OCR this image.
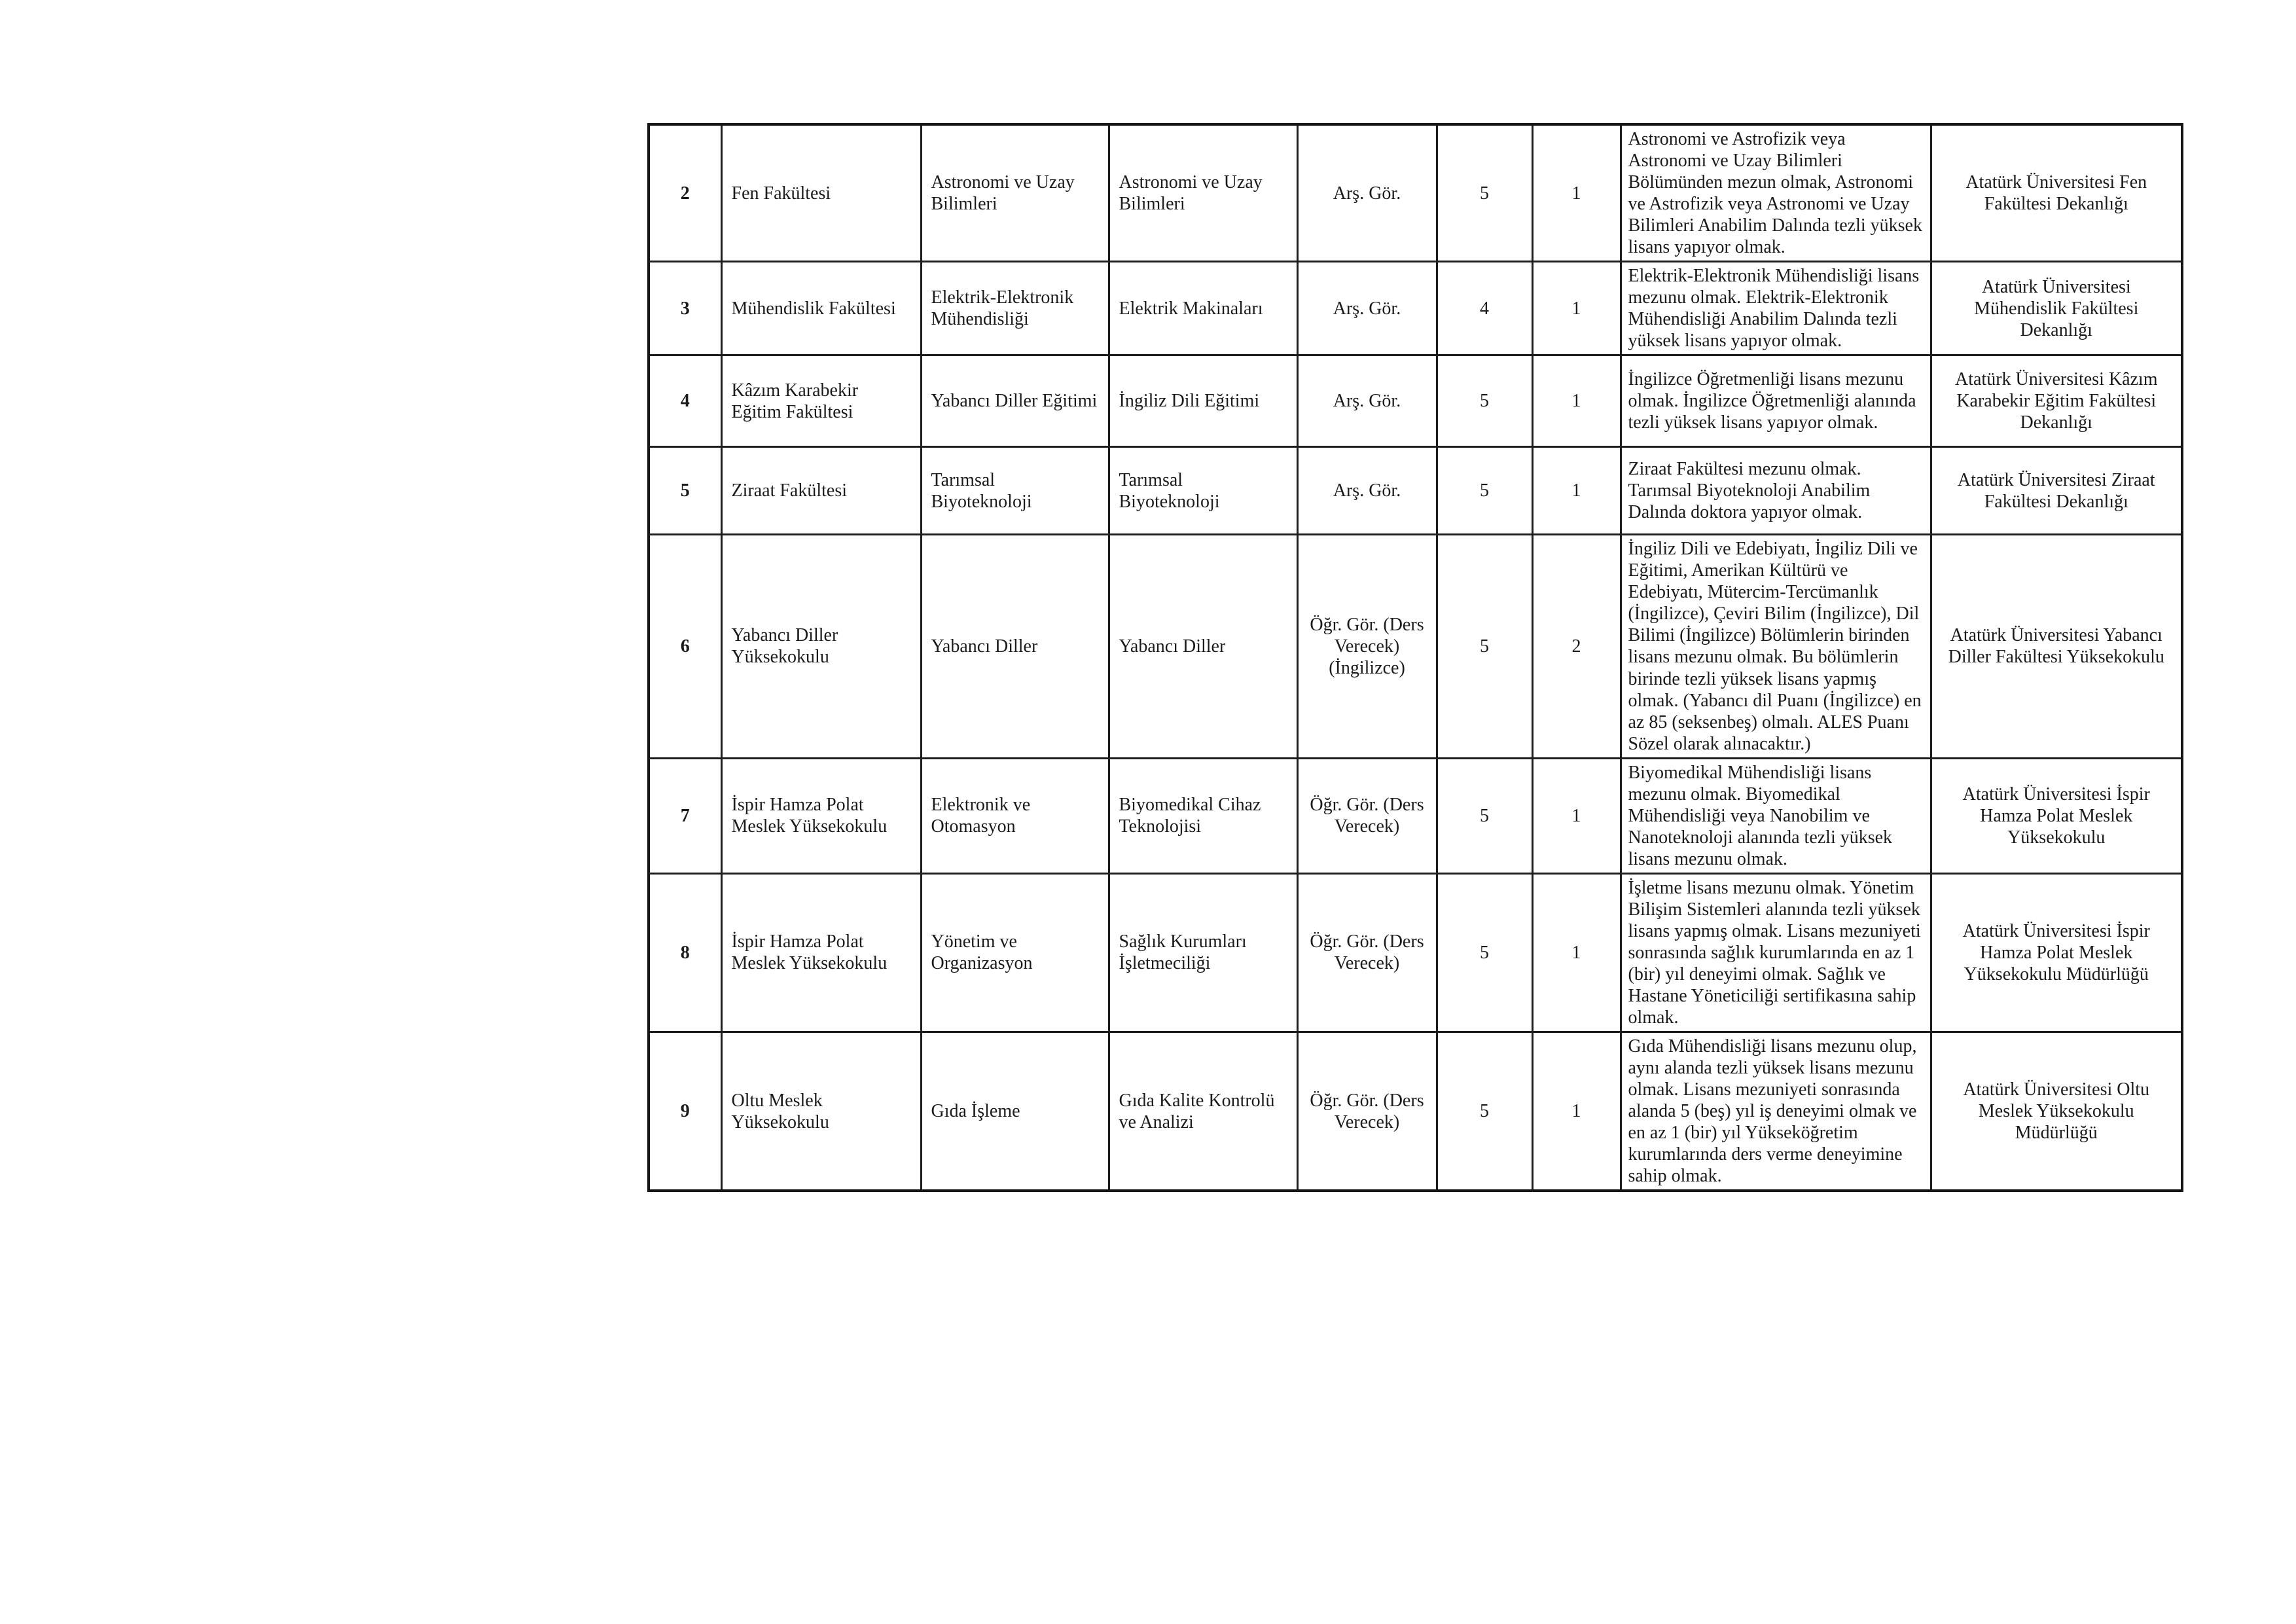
2	Fen Fakültesi	Astronomi ve Uzay Bilimleri	Astronomi ve Uzay Bilimleri	Arş. Gör.	5	1	Astronomi ve Astrofizik veya Astronomi ve Uzay Bilimleri Bölümünden mezun olmak, Astronomi ve Astrofizik veya Astronomi ve Uzay Bilimleri Anabilim Dalında tezli yüksek lisans yapıyor olmak.	Atatürk Üniversitesi Fen Fakültesi Dekanlığı
3	Mühendislik Fakültesi	Elektrik-Elektronik Mühendisliği	Elektrik Makinaları	Arş. Gör.	4	1	Elektrik-Elektronik Mühendisliği lisans mezunu olmak. Elektrik-Elektronik Mühendisliği Anabilim Dalında tezli yüksek lisans yapıyor olmak.	Atatürk Üniversitesi Mühendislik Fakültesi Dekanlığı
4	Kâzım Karabekir Eğitim Fakültesi	Yabancı Diller Eğitimi	İngiliz Dili Eğitimi	Arş. Gör.	5	1	İngilizce Öğretmenliği lisans mezunu olmak. İngilizce Öğretmenliği alanında tezli yüksek lisans yapıyor olmak.	Atatürk Üniversitesi Kâzım Karabekir Eğitim Fakültesi Dekanlığı
5	Ziraat Fakültesi	Tarımsal Biyoteknoloji	Tarımsal Biyoteknoloji	Arş. Gör.	5	1	Ziraat Fakültesi mezunu olmak. Tarımsal Biyoteknoloji Anabilim Dalında doktora yapıyor olmak.	Atatürk Üniversitesi Ziraat Fakültesi Dekanlığı
6	Yabancı Diller Yüksekokulu	Yabancı Diller	Yabancı Diller	Öğr. Gör. (Ders Verecek) (İngilizce)	5	2	İngiliz Dili ve Edebiyatı, İngiliz Dili ve Eğitimi, Amerikan Kültürü ve Edebiyatı, Mütercim-Tercümanlık (İngilizce), Çeviri Bilim (İngilizce), Dil Bilimi (İngilizce) Bölümlerin birinden lisans mezunu olmak. Bu bölümlerin birinde tezli yüksek lisans yapmış olmak. (Yabancı dil Puanı (İngilizce) en az 85 (seksenbeş) olmalı. ALES Puanı Sözel olarak alınacaktır.)	Atatürk Üniversitesi Yabancı Diller Fakültesi Yüksekokulu
7	İspir Hamza Polat Meslek Yüksekokulu	Elektronik ve Otomasyon	Biyomedikal Cihaz Teknolojisi	Öğr. Gör. (Ders Verecek)	5	1	Biyomedikal Mühendisliği lisans mezunu olmak. Biyomedikal Mühendisliği veya Nanobilim ve Nanoteknoloji alanında tezli yüksek lisans mezunu olmak.	Atatürk Üniversitesi İspir Hamza Polat Meslek Yüksekokulu
8	İspir Hamza Polat Meslek Yüksekokulu	Yönetim ve Organizasyon	Sağlık Kurumları İşletmeciliği	Öğr. Gör. (Ders Verecek)	5	1	İşletme lisans mezunu olmak. Yönetim Bilişim Sistemleri alanında tezli yüksek lisans yapmış olmak. Lisans mezuniyeti sonrasında sağlık kurumlarında en az 1 (bir) yıl deneyimi olmak. Sağlık ve Hastane Yöneticiliği sertifikasına sahip olmak.	Atatürk Üniversitesi İspir Hamza Polat Meslek Yüksekokulu Müdürlüğü
9	Oltu Meslek Yüksekokulu	Gıda İşleme	Gıda Kalite Kontrolü ve Analizi	Öğr. Gör. (Ders Verecek)	5	1	Gıda Mühendisliği lisans mezunu olup, aynı alanda tezli yüksek lisans mezunu olmak. Lisans mezuniyeti sonrasında alanda 5 (beş) yıl iş deneyimi olmak ve en az 1 (bir) yıl Yükseköğretim kurumlarında ders verme deneyimine sahip olmak.	Atatürk Üniversitesi Oltu Meslek Yüksekokulu Müdürlüğü
